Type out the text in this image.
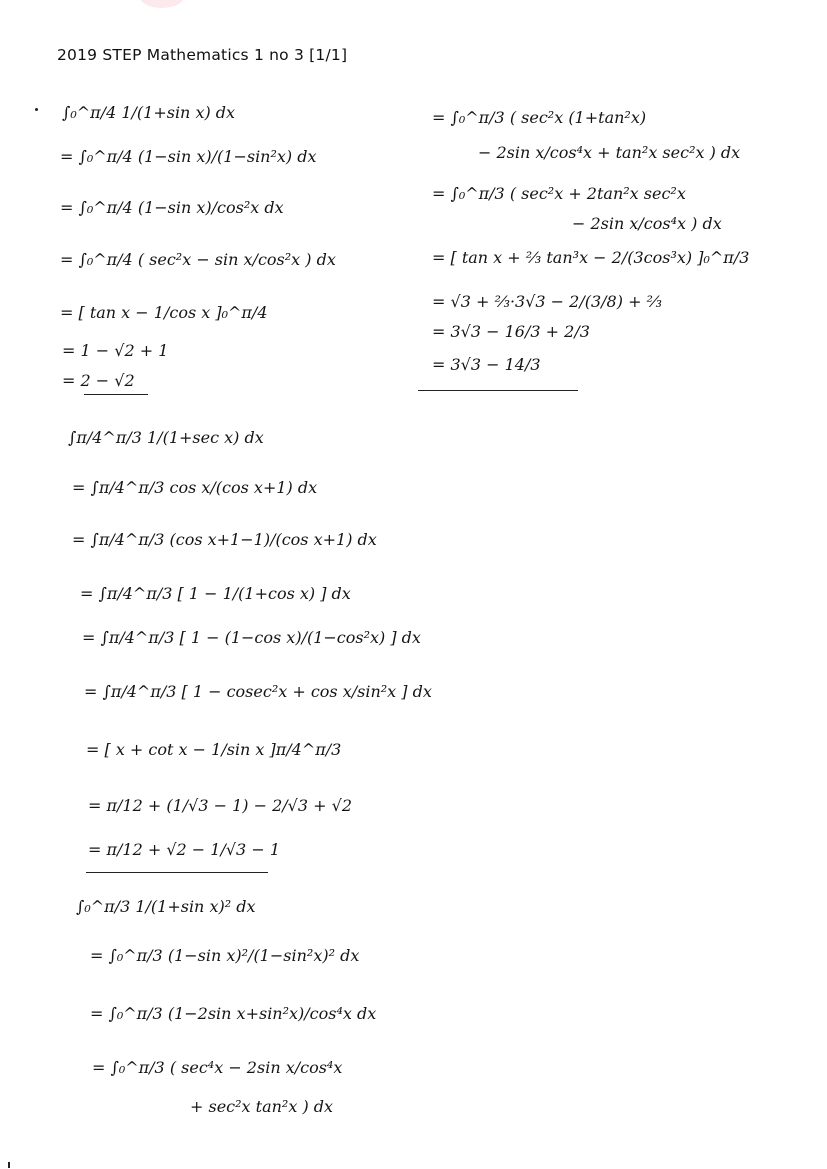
2019 STEP Mathematics 1 no 3 [1/1]
∫₀^π/4 1/(1+sin x) dx
= ∫₀^π/4 (1−sin x)/(1−sin²x) dx
= ∫₀^π/4 (1−sin x)/cos²x dx
= ∫₀^π/4 ( sec²x − sin x/cos²x ) dx
= [ tan x − 1/cos x ]₀^π/4
= 1 − √2 + 1
= 2 − √2
∫π/4^π/3 1/(1+sec x) dx
= ∫π/4^π/3 cos x/(cos x+1) dx
= ∫π/4^π/3 (cos x+1−1)/(cos x+1) dx
= ∫π/4^π/3 [ 1 − 1/(1+cos x) ] dx
= ∫π/4^π/3 [ 1 − (1−cos x)/(1−cos²x) ] dx
= ∫π/4^π/3 [ 1 − cosec²x + cos x/sin²x ] dx
= [ x + cot x − 1/sin x ]π/4^π/3
= π/12 + (1/√3 − 1) − 2/√3 + √2
= π/12 + √2 − 1/√3 − 1
∫₀^π/3 1/(1+sin x)² dx
= ∫₀^π/3 (1−sin x)²/(1−sin²x)² dx
= ∫₀^π/3 (1−2sin x+sin²x)/cos⁴x dx
= ∫₀^π/3 ( sec⁴x − 2sin x/cos⁴x
+ sec²x tan²x ) dx
= ∫₀^π/3 ( sec²x (1+tan²x)
− 2sin x/cos⁴x + tan²x sec²x ) dx
= ∫₀^π/3 ( sec²x + 2tan²x sec²x
− 2sin x/cos⁴x ) dx
= [ tan x + ⅔ tan³x − 2/(3cos³x) ]₀^π/3
= √3 + ⅔·3√3 − 2/(3/8) + ⅔
= 3√3 − 16/3 + 2/3
= 3√3 − 14/3
